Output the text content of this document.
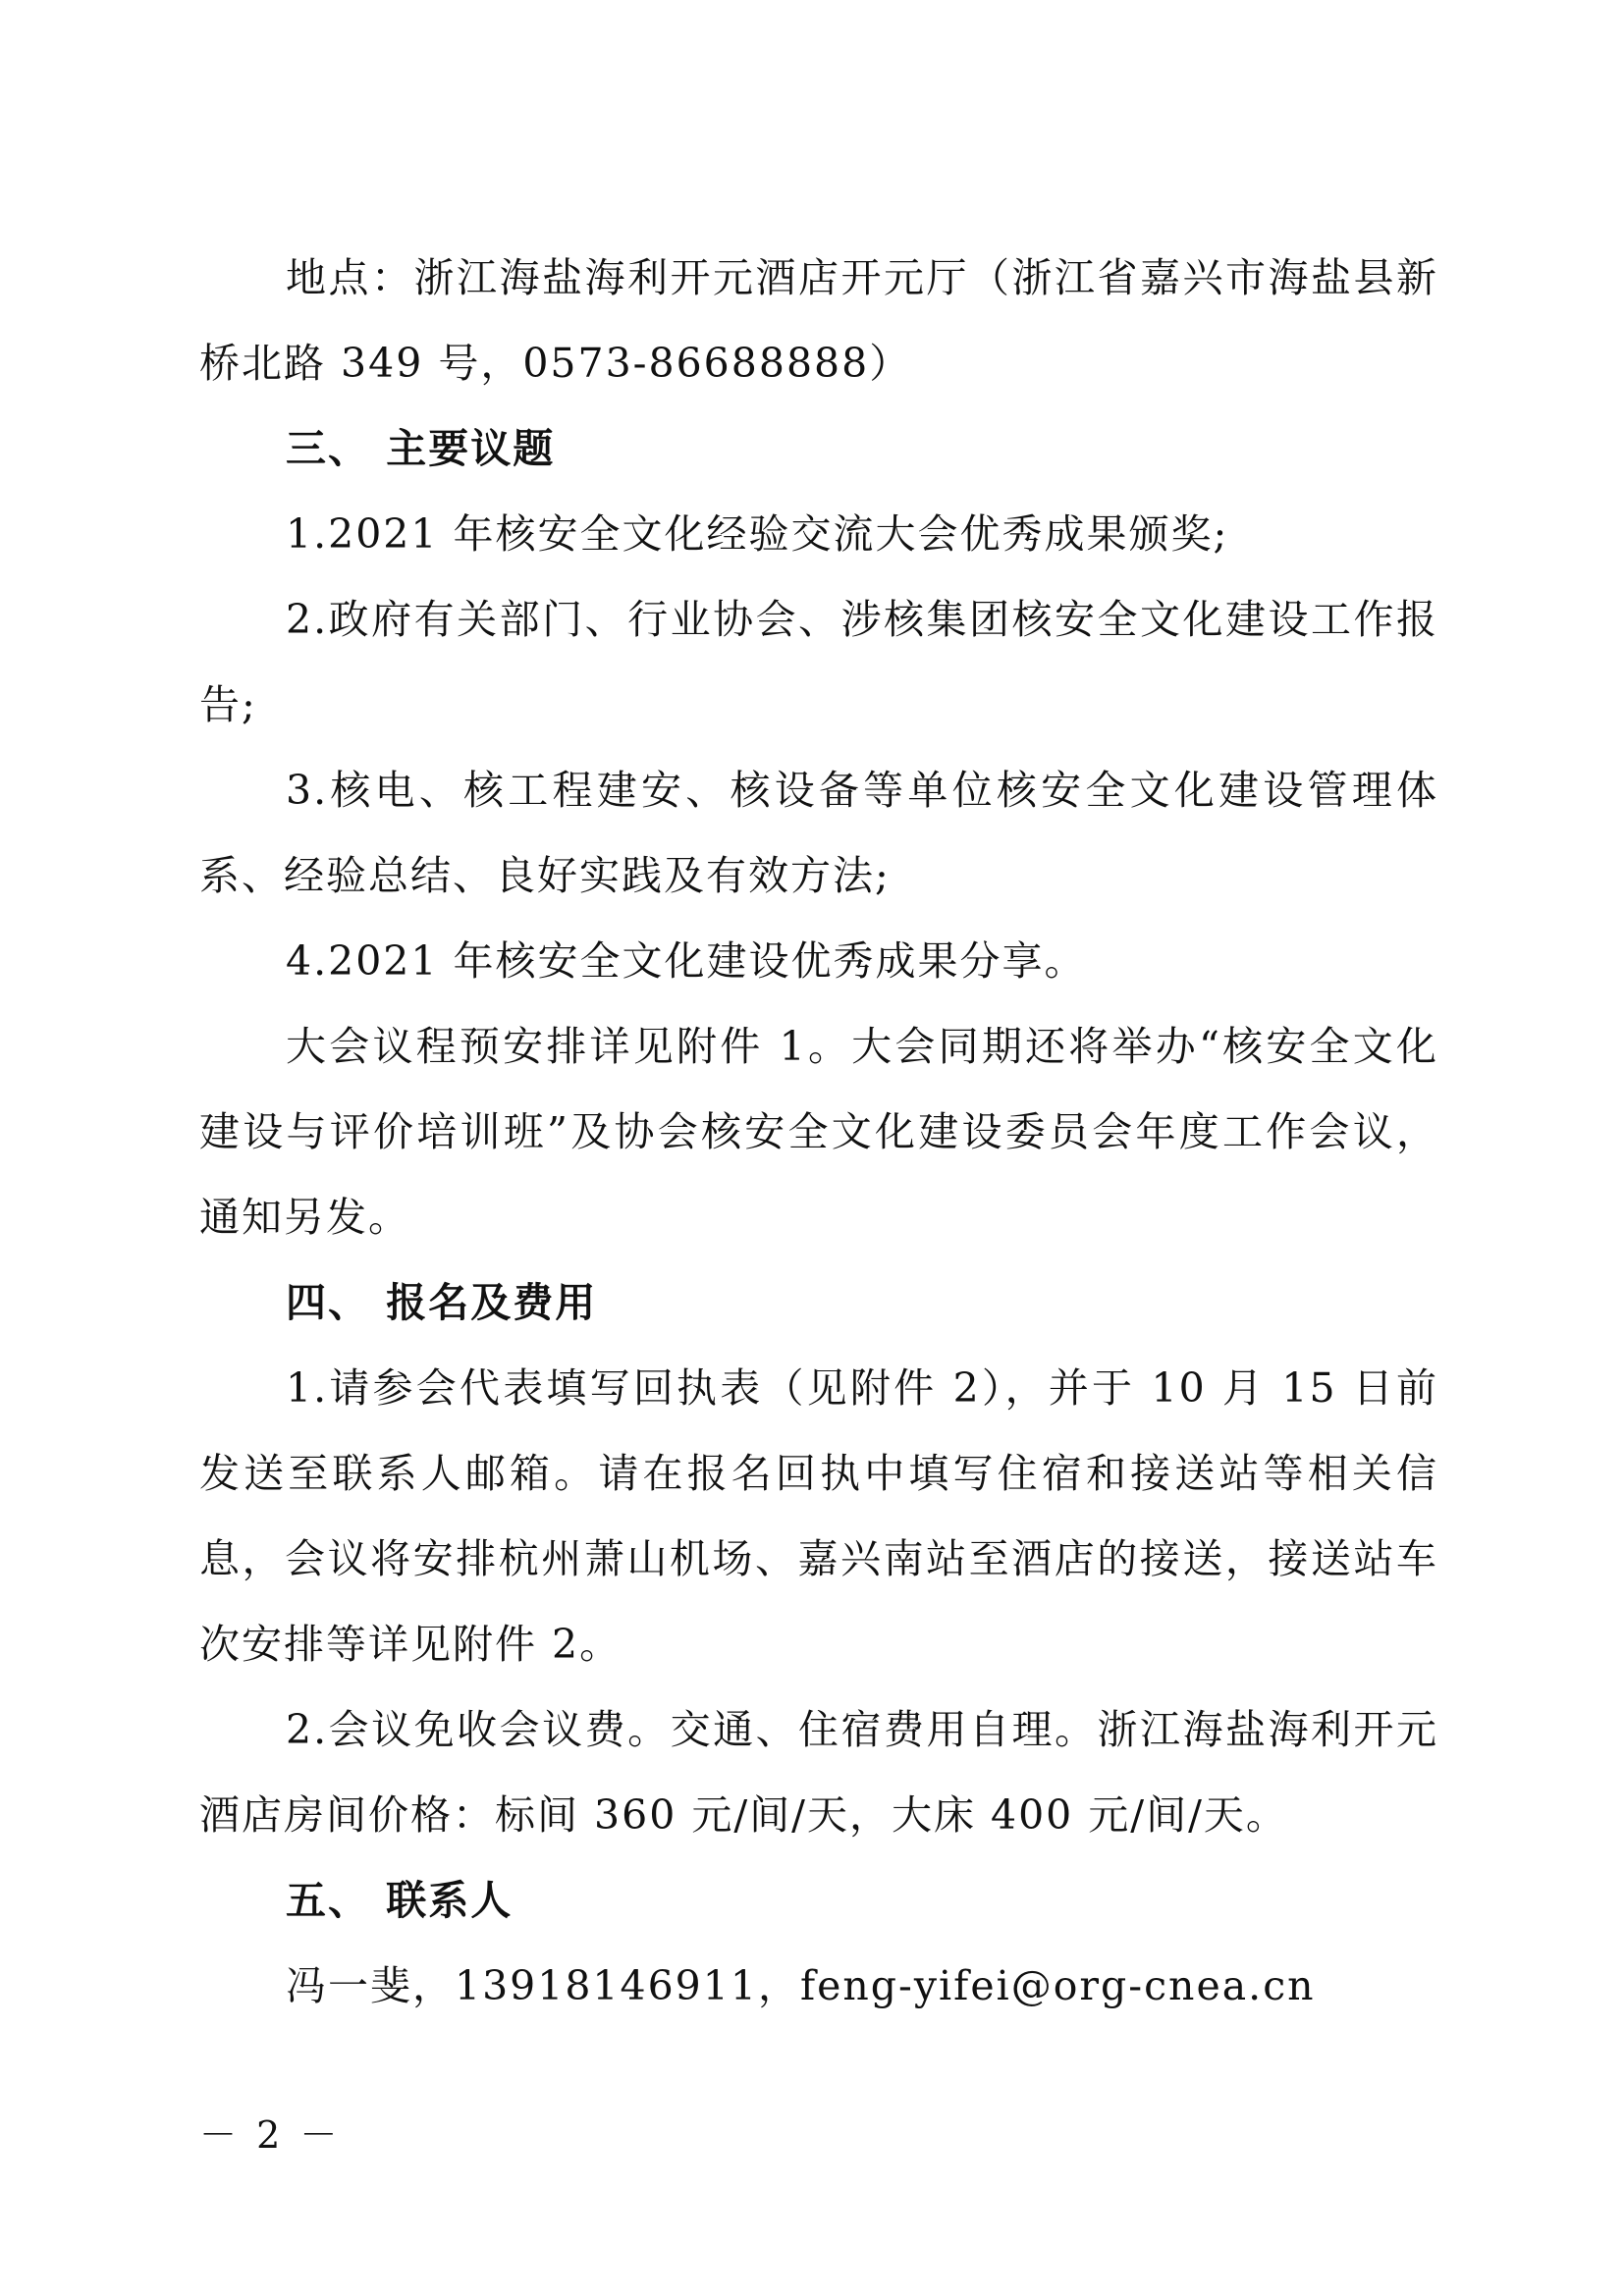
地点：浙江海盐海利开元酒店开元厅（浙江省嘉兴市海盐县新桥北路 349 号，0573-86688888）

三、 主要议题

1.2021 年核安全文化经验交流大会优秀成果颁奖;

2.政府有关部门、行业协会、涉核集团核安全文化建设工作报告;

3.核电、核工程建安、核设备等单位核安全文化建设管理体系、经验总结、良好实践及有效方法;

4.2021 年核安全文化建设优秀成果分享。

大会议程预安排详见附件 1。大会同期还将举办“核安全文化建设与评价培训班”及协会核安全文化建设委员会年度工作会议，通知另发。

四、 报名及费用

1.请参会代表填写回执表（见附件 2），并于 10 月 15 日前发送至联系人邮箱。请在报名回执中填写住宿和接送站等相关信息，会议将安排杭州萧山机场、嘉兴南站至酒店的接送，接送站车次安排等详见附件 2。

2.会议免收会议费。交通、住宿费用自理。浙江海盐海利开元酒店房间价格：标间 360 元/间/天，大床 400 元/间/天。

五、 联系人

冯一斐，13918146911，feng-yifei@org-cnea.cn

－ 2 －
